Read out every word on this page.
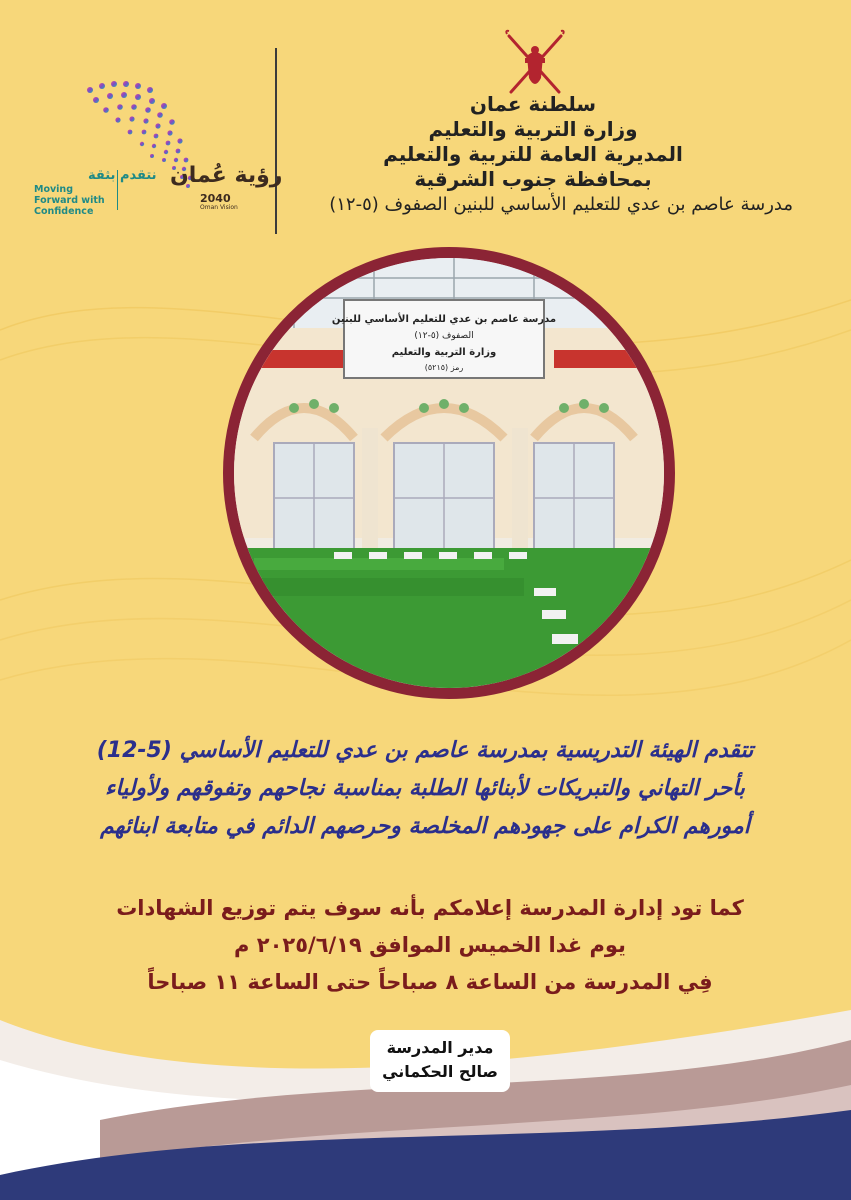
سلطنة عمان
وزارة التربية والتعليم
المديرية العامة للتربية والتعليم
بمحافظة جنوب الشرقية
مدرسة عاصم بن عدي للتعليم الأساسي للبنين الصفوف (٥-١٢)
رؤية عُمان
2040
Oman Vision
نتقدم بثقة
Moving Forward with Confidence
مدرسة عاصم بن عدي للتعليم الأساسي للبنين
الصفوف (٥-١٢)
وزارة التربية والتعليم
رمز (٥٢١٥)
تتقدم الهيئة التدريسية بمدرسة عاصم بن عدي للتعليم الأساسي (5-12)
بأحر التهاني والتبريكات لأبنائها الطلبة بمناسبة نجاحهم وتفوقهم ولأولياء
أمورهم الكرام على جهودهم المخلصة وحرصهم الدائم في متابعة ابنائهم
كما تود إدارة المدرسة إعلامكم بأنه سوف يتم توزيع الشهادات
يوم غدا الخميس الموافق ٢٠٢٥/٦/١٩ م
فِي المدرسة من الساعة ٨ صباحاً حتى الساعة ١١ صباحاً
مدير المدرسة
صالح الحكماني
